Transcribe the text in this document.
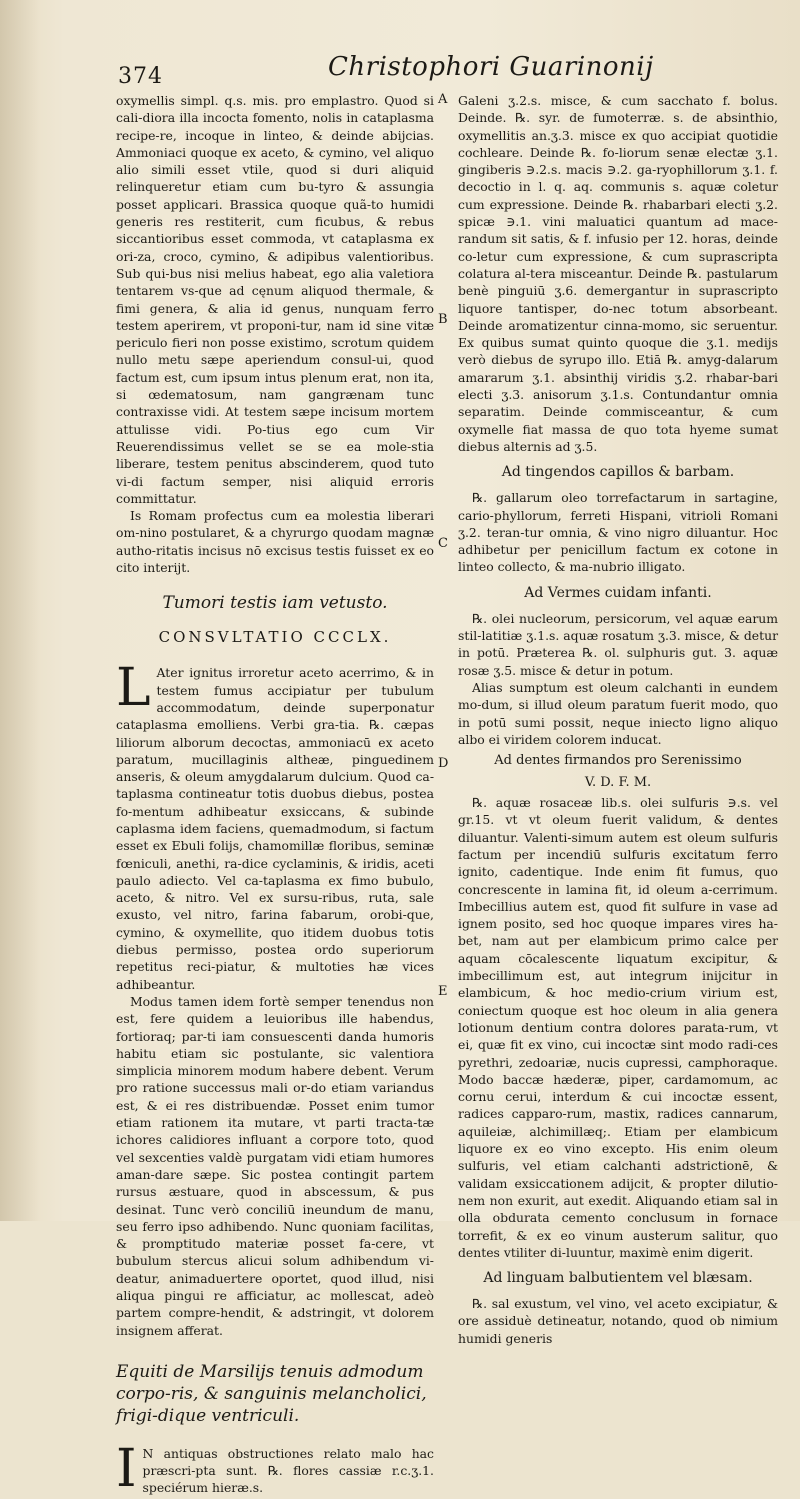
374	Christophori Guarinonij
A
B
C
D
E

oxymellis simpl. q.s. mis. pro emplastro. Quod si cali-diora illa incocta fomento, nolis in cataplasma recipe-re, incoque in linteo, & deinde abijcias. Ammoniaci quoque ex aceto, & cymino, vel aliquo alio simili esset vtile, quod si duri aliquid relinqueretur etiam cum bu-tyro & assungia posset applicari. Brassica quoque quã-to humidi generis res restiterit, cum ficubus, & rebus siccantioribus esset commoda, vt cataplasma ex ori-za, croco, cymino, & adipibus valentioribus. Sub qui-bus nisi melius habeat, ego alia valetiora tentarem vs-que ad cęnum aliquod thermale, & fimi genera, & alia id genus, nunquam ferro testem aperirem, vt proponi-tur, nam id sine vitæ periculo fieri non posse existimo, scrotum quidem nullo metu sæpe aperiendum consul-ui, quod factum est, cum ipsum intus plenum erat, non ita, si œdematosum, nam gangrænam tunc contraxisse vidi. At testem sæpe incisum mortem attulisse vidi. Po-tius ego cum Vir Reuerendissimus vellet se se ea mole-stia liberare, testem penitus abscinderem, quod tuto vi-di factum semper, nisi aliquid erroris committatur.

Is Romam profectus cum ea molestia liberari om-nino postularet, & a chyrurgo quodam magnæ autho-ritatis incisus nō excisus testis fuisset ex eo cito interijt.

Tumori testis iam vetusto.
CONSVLTATIO CCCLX.

L Ater ignitus irroretur aceto acerrimo, & in testem fumus accipiatur per tubulum accommodatum, deinde superponatur cataplasma emolliens. Verbi gra-tia. ℞. cæpas liliorum alborum decoctas, ammoniacū ex aceto paratum, mucillaginis altheæ, pinguedinem anseris, & oleum amygdalarum dulcium. Quod ca-taplasma contineatur totis duobus diebus, postea fo-mentum adhibeatur exsiccans, & subinde caplasma idem faciens, quemadmodum, si factum esset ex Ebuli folijs, chamomillæ floribus, seminæ fœniculi, anethi, ra-dice cyclaminis, & iridis, aceti paulo adiecto. Vel ca-taplasma ex fimo bubulo, aceto, & nitro. Vel ex sursu-ribus, ruta, sale exusto, vel nitro, farina fabarum, orobi-que, cymino, & oxymellite, quo itidem duobus totis diebus permisso, postea ordo superiorum repetitus reci-piatur, & multoties hæ vices adhibeantur.

Modus tamen idem fortè semper tenendus non est, fere quidem a leuioribus ille habendus, fortioraq; par-ti iam consuescenti danda humoris habitu etiam sic postulante, sic valentiora simplicia minorem modum habere debent. Verum pro ratione successus mali or-do etiam variandus est, & ei res distribuendæ. Posset enim tumor etiam rationem ita mutare, vt parti tracta-tæ ichores calidiores influant a corpore toto, quod vel sexcenties valdè purgatam vidi etiam humores aman-dare sæpe. Sic postea contingit partem rursus æstuare, quod in abscessum, & pus desinat. Tunc verò conciliū ineundum de manu, seu ferro ipso adhibendo. Nunc quoniam facilitas, & promptitudo materiæ posset fa-cere, vt bubulum stercus alicui solum adhibendum vi-deatur, animaduertere oportet, quod illud, nisi aliqua pingui re afficiatur, ac mollescat, adeò partem compre-hendit, & adstringit, vt dolorem insignem afferat.

Equiti de Marsilijs tenuis admodum corpo-ris, & sanguinis melancholici, frigi-dique ventriculi.

I N antiquas obstructiones relato malo hac præscri-pta sunt. ℞. flores cassiæ r.c.ʒ.1. speciérum hieræ.s.

Galeni ʒ.2.s. misce, & cum sacchato f. bolus. Deinde. ℞. syr. de fumoterræ. s. de absinthio, oxymellitis an.ʒ.3. misce ex quo accipiat quotidie cochleare. Deinde ℞. fo-liorum senæ electæ ʒ.1. gingiberis ∋.2.s. macis ∋.2. ga-ryophillorum ʒ.1. f. decoctio in l. q. aq. communis s. aquæ coletur cum expressione. Deinde ℞. rhabarbari electi ʒ.2. spicæ ∋.1. vini maluatici quantum ad mace-randum sit satis, & f. infusio per 12. horas, deinde co-letur cum expressione, & cum suprascripta colatura al-tera misceantur. Deinde ℞. pastularum benè pinguiū ʒ.6. demergantur in suprascripto liquore tantisper, do-nec totum absorbeant. Deinde aromatizentur cinna-momo, sic seruentur. Ex quibus sumat quinto quoque die ʒ.1. medijs verò diebus de syrupo illo. Etiā ℞. amyg-dalarum amararum ʒ.1. absinthij viridis ʒ.2. rhabar-bari electi ʒ.3. anisorum ʒ.1.s. Contundantur omnia separatim. Deinde commisceantur, & cum oxymelle fiat massa de quo tota hyeme sumat diebus alternis ad ʒ.5.

Ad tingendos capillos & barbam.

℞. gallarum oleo torrefactarum in sartagine, cario-phyllorum, ferreti Hispani, vitrioli Romani ʒ.2. teran-tur omnia, & vino nigro diluantur. Hoc adhibetur per penicillum factum ex cotone in linteo collecto, & ma-nubrio illigato.

Ad Vermes cuidam infanti.

℞. olei nucleorum, persicorum, vel aquæ earum stil-latitiæ ʒ.1.s. aquæ rosatum ʒ.3. misce, & detur in potū. Præterea ℞. ol. sulphuris gut. 3. aquæ rosæ ʒ.5. misce & detur in potum.

Alias sumptum est oleum calchanti in eundem mo-dum, si illud oleum paratum fuerit modo, quo in potū sumi possit, neque iniecto ligno aliquo albo ei viridem colorem inducat.

Ad dentes firmandos pro Serenissimo
V. D. F. M.

℞. aquæ rosaceæ lib.s. olei sulfuris ∋.s. vel gr.15. vt vt oleum fuerit validum, & dentes diluantur. Valenti-simum autem est oleum sulfuris factum per incendiū sulfuris excitatum ferro ignito, cadentique. Inde enim fit fumus, quo concrescente in lamina fit, id oleum a-cerrimum. Imbecillius autem est, quod fit sulfure in vase ad ignem posito, sed hoc quoque impares vires ha-bet, nam aut per elambicum primo calce per aquam cōcalescente liquatum excipitur, & imbecillimum est, aut integrum inijcitur in elambicum, & hoc medio-crium virium est, coniectum quoque est hoc oleum in alia genera lotionum dentium contra dolores parata-rum, vt ei, quæ fit ex vino, cui incoctæ sint modo radi-ces pyrethri, zedoariæ, nucis cupressi, camphoraque. Modo baccæ hæderæ, piper, cardamomum, ac cornu cerui, interdum & cui incoctæ essent, radices capparo-rum, mastix, radices cannarum, aquileiæ, alchimillæq;. Etiam per elambicum liquore ex eo vino excepto. His enim oleum sulfuris, vel etiam calchanti adstrictionē, & validam exsiccationem adijcit, & propter dilutio-nem non exurit, aut exedit. Aliquando etiam sal in olla obdurata cemento conclusum in fornace torrefit, & ex eo vinum austerum salitur, quo dentes vtiliter di-luuntur, maximè enim digerit.

Ad linguam balbutientem vel blæsam.

℞. sal exustum, vel vino, vel aceto excipiatur, & ore assiduè detineatur, notando, quod ob nimium humidi generis
